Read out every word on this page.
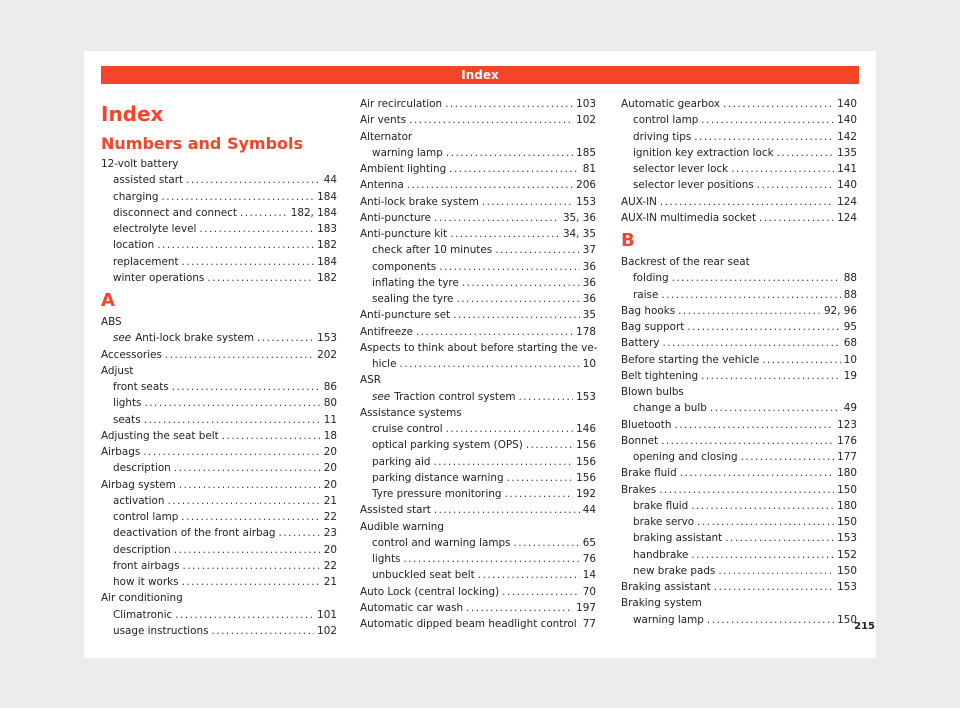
Index
Index
Numbers and Symbols
12-volt battery
assisted start .....	44
charging .....	184
disconnect and connect .....	182, 184
electrolyte level .....	183
location .....	182
replacement .....	184
winter operations .....	182
A
ABS
see Anti-lock brake system .....	153
Accessories .....	202
Adjust
front seats .....	86
lights .....	80
seats .....	11
Adjusting the seat belt .....	18
Airbags .....	20
description .....	20
Airbag system .....	20
activation .....	21
control lamp .....	22
deactivation of the front airbag .....	23
description .....	20
front airbags .....	22
how it works .....	21
Air conditioning
Climatronic .....	101
usage instructions .....	102
Air recirculation .....	103
Air vents .....	102
Alternator
warning lamp .....	185
Ambient lighting .....	81
Antenna .....	206
Anti-lock brake system .....	153
Anti-puncture .....	35, 36
Anti-puncture kit .....	34, 35
check after 10 minutes .....	37
components .....	36
inflating the tyre .....	36
sealing the tyre .....	36
Anti-puncture set .....	35
Antifreeze .....	178
Aspects to think about before starting the ve-
hicle .....	10
ASR
see Traction control system .....	153
Assistance systems
cruise control .....	146
optical parking system (OPS) .....	156
parking aid .....	156
parking distance warning .....	156
Tyre pressure monitoring .....	192
Assisted start .....	44
Audible warning
control and warning lamps .....	65
lights .....	76
unbuckled seat belt .....	14
Auto Lock (central locking) .....	70
Automatic car wash .....	197
Automatic dipped beam headlight control ..... 77
Automatic gearbox .....	140
control lamp .....	140
driving tips .....	142
ignition key extraction lock .....	135
selector lever lock .....	141
selector lever positions .....	140
AUX-IN .....	124
AUX-IN multimedia socket .....	124
B
Backrest of the rear seat
folding .....	88
raise .....	88
Bag hooks .....	92, 96
Bag support .....	95
Battery .....	68
Before starting the vehicle .....	10
Belt tightening .....	19
Blown bulbs
change a bulb .....	49
Bluetooth .....	123
Bonnet .....	176
opening and closing .....	177
Brake fluid .....	180
Brakes .....	150
brake fluid .....	180
brake servo .....	150
braking assistant .....	153
handbrake .....	152
new brake pads .....	150
Braking assistant .....	153
Braking system
warning lamp .....	150
215
